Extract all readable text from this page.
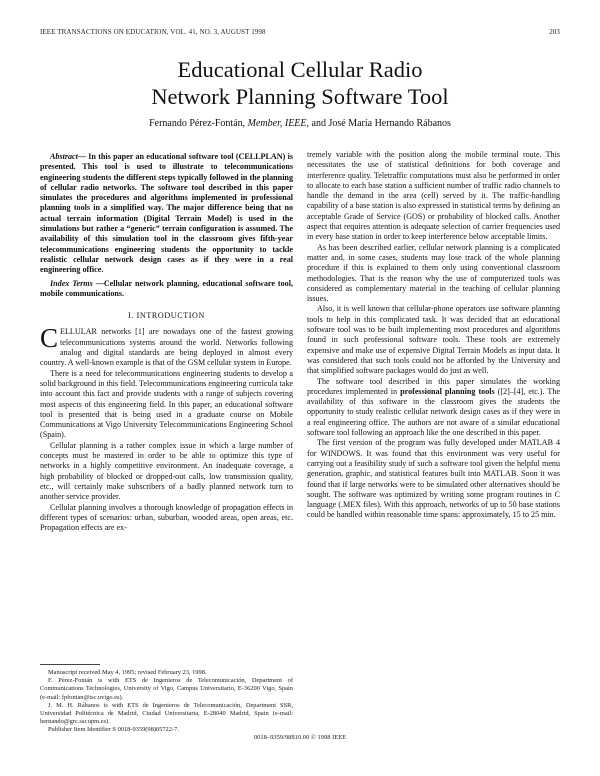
IEEE TRANSACTIONS ON EDUCATION, VOL. 41, NO. 3, AUGUST 1998	203
Educational Cellular Radio
Network Planning Software Tool
Fernando Pérez-Fontán, Member, IEEE, and José María Hernando Rábanos

Abstract— In this paper an educational software tool (CELLPLAN) is presented. This tool is used to illustrate to telecommunications engineering students the different steps typically followed in the planning of cellular radio networks. The software tool described in this paper simulates the procedures and algorithms implemented in professional planning tools in a simplified way. The major difference being that no actual terrain information (Digital Terrain Model) is used in the simulations but rather a “generic” terrain configuration is assumed. The availability of this simulation tool in the classroom gives fifth-year telecommunications engineering students the opportunity to tackle realistic cellular network design cases as if they were in a real engineering office.

Index Terms —Cellular network planning, educational software tool, mobile communications.

I. INTRODUCTION

CELLULAR networks [1] are nowadays one of the fastest growing telecommunications systems around the world. Networks following analog and digital standards are being deployed in almost every country. A well-known example is that of the GSM cellular system in Europe.

There is a need for telecommunications engineering students to develop a solid background in this field. Telecommunications engineering curricula take into account this fact and provide students with a range of subjects covering most aspects of this engineering field. In this paper, an educational software tool is presented that is being used in a graduate course on Mobile Communications at Vigo University Telecommunications Engineering School (Spain).

Cellular planning is a rather complex issue in which a large number of concepts must be mastered in order to be able to optimize this type of networks in a highly competitive environment. An inadequate coverage, a high probability of blocked or dropped-out calls, low transmission quality, etc., will certainly make subscribers of a badly planned network turn to another service provider.

Cellular planning involves a thorough knowledge of propagation effects in different types of scenarios: urban, suburban, wooded areas, open areas, etc. Propagation effects are ex-

Manuscript received May 4, 1995; revised February 23, 1998.

F. Pérez-Fontán is with ETS de Ingenieros de Telecomunicación, Department of Communications Technologies, University of Vigo, Campus Universitario, E-36200 Vigo, Spain (e-mail: fpfontan@tsc.uvigo.es).

J. M. H. Rábanos is with ETS de Ingenieros de Telecomunicación, Department SSR, Universidad Politécnica de Madrid, Ciudad Universitaria, E-28040 Madrid, Spain (e-mail: hernando@grc.ssr.upm.es).

Publisher Item Identifier S 0018-9359(98)05722-7.

tremely variable with the position along the mobile terminal route. This necessitates the use of statistical definitions for both coverage and interference quality. Teletraffic computations must also be performed in order to allocate to each base station a sufficient number of traffic radio channels to handle the demand in the area (cell) served by it. The traffic-handling capability of a base station is also expressed in statistical terms by defining an acceptable Grade of Service (GOS) or probability of blocked calls. Another aspect that requires attention is adequate selection of carrier frequencies used in every base station in order to keep interference below acceptable limits.

As has been described earlier, cellular network planning is a complicated matter and, in some cases, students may lose track of the whole planning procedure if this is explained to them only using conventional classroom methodologies. That is the reason why the use of computerized tools was considered as complementary material in the teaching of cellular planning issues.

Also, it is well known that cellular-phone operators use software planning tools to help in this complicated task. It was decided that an educational software tool was to be built implementing most procedures and algorithms found in such professional software tools. These tools are extremely expensive and make use of expensive Digital Terrain Models as input data. It was considered that such tools could not be afforded by the University and that simplified software packages would do just as well.

The software tool described in this paper simulates the working procedures implemented in professional planning tools ([2]–[4], etc.). The availability of this software in the classroom gives the students the opportunity to study realistic cellular network design cases as if they were in a real engineering office. The authors are not aware of a similar educational software tool following an approach like the one described in this paper.

The first version of the program was fully developed under MATLAB 4 for WINDOWS. It was found that this environment was very useful for carrying out a feasibility study of such a software tool given the helpful menu generation, graphic, and statistical features built into MATLAB. Soon it was found that if large networks were to be simulated other alternatives should be sought. The software was optimized by writing some program routines in C language (.MEX files). With this approach, networks of up to 50 base stations could be handled within reasonable time spans: approximately, 15 to 25 min.

0018–9359/98$10.00 © 1998 IEEE
